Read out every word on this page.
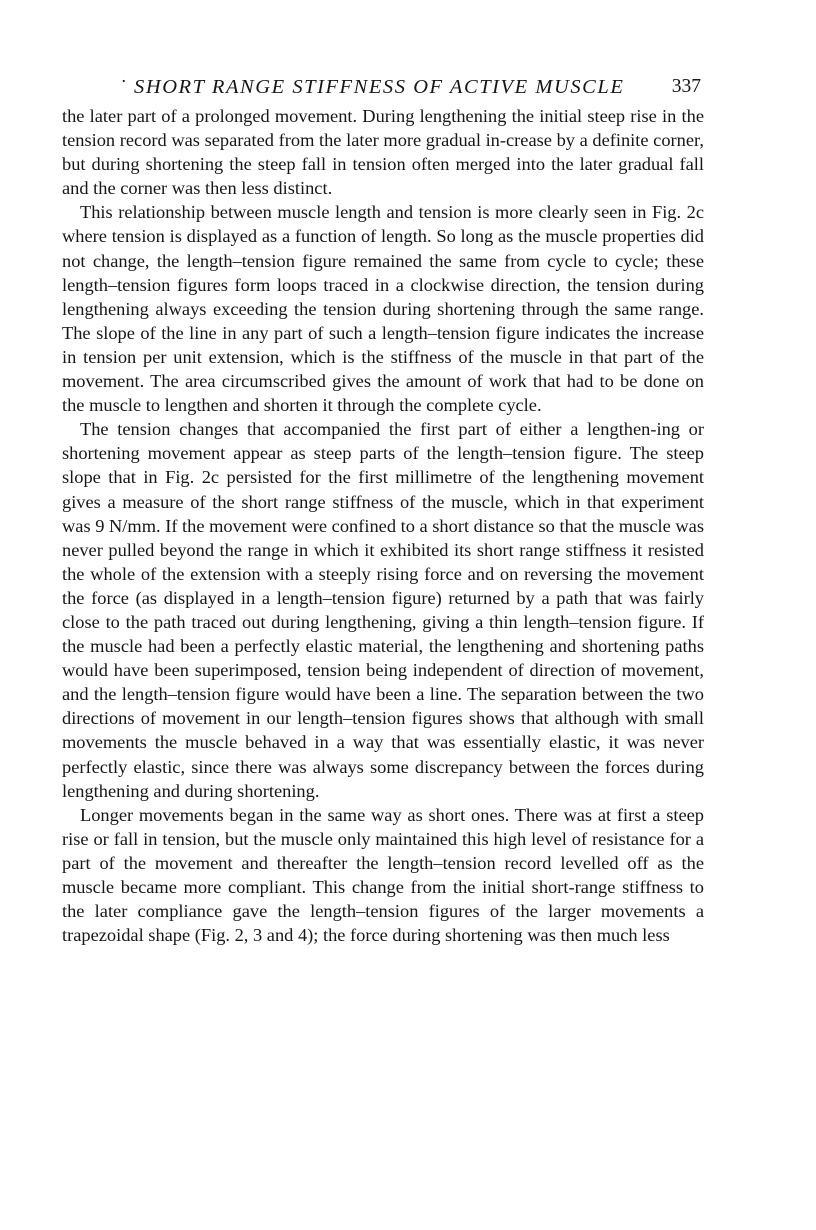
˙ SHORT RANGE STIFFNESS OF ACTIVE MUSCLE 337

the later part of a prolonged movement. During lengthening the initial steep rise in the tension record was separated from the later more gradual in-crease by a definite corner, but during shortening the steep fall in tension often merged into the later gradual fall and the corner was then less distinct.

This relationship between muscle length and tension is more clearly seen in Fig. 2c where tension is displayed as a function of length. So long as the muscle properties did not change, the length–tension figure remained the same from cycle to cycle; these length–tension figures form loops traced in a clockwise direction, the tension during lengthening always exceeding the tension during shortening through the same range. The slope of the line in any part of such a length–tension figure indicates the increase in tension per unit extension, which is the stiffness of the muscle in that part of the movement. The area circumscribed gives the amount of work that had to be done on the muscle to lengthen and shorten it through the complete cycle.

The tension changes that accompanied the first part of either a lengthen-ing or shortening movement appear as steep parts of the length–tension figure. The steep slope that in Fig. 2c persisted for the first millimetre of the lengthening movement gives a measure of the short range stiffness of the muscle, which in that experiment was 9 N/mm. If the movement were confined to a short distance so that the muscle was never pulled beyond the range in which it exhibited its short range stiffness it resisted the whole of the extension with a steeply rising force and on reversing the movement the force (as displayed in a length–tension figure) returned by a path that was fairly close to the path traced out during lengthening, giving a thin length–tension figure. If the muscle had been a perfectly elastic material, the lengthening and shortening paths would have been superimposed, tension being independent of direction of movement, and the length–tension figure would have been a line. The separation between the two directions of movement in our length–tension figures shows that although with small movements the muscle behaved in a way that was essentially elastic, it was never perfectly elastic, since there was always some discrepancy between the forces during lengthening and during shortening.

Longer movements began in the same way as short ones. There was at first a steep rise or fall in tension, but the muscle only maintained this high level of resistance for a part of the movement and thereafter the length–tension record levelled off as the muscle became more compliant. This change from the initial short-range stiffness to the later compliance gave the length–tension figures of the larger movements a trapezoidal shape (Fig. 2, 3 and 4); the force during shortening was then much less
